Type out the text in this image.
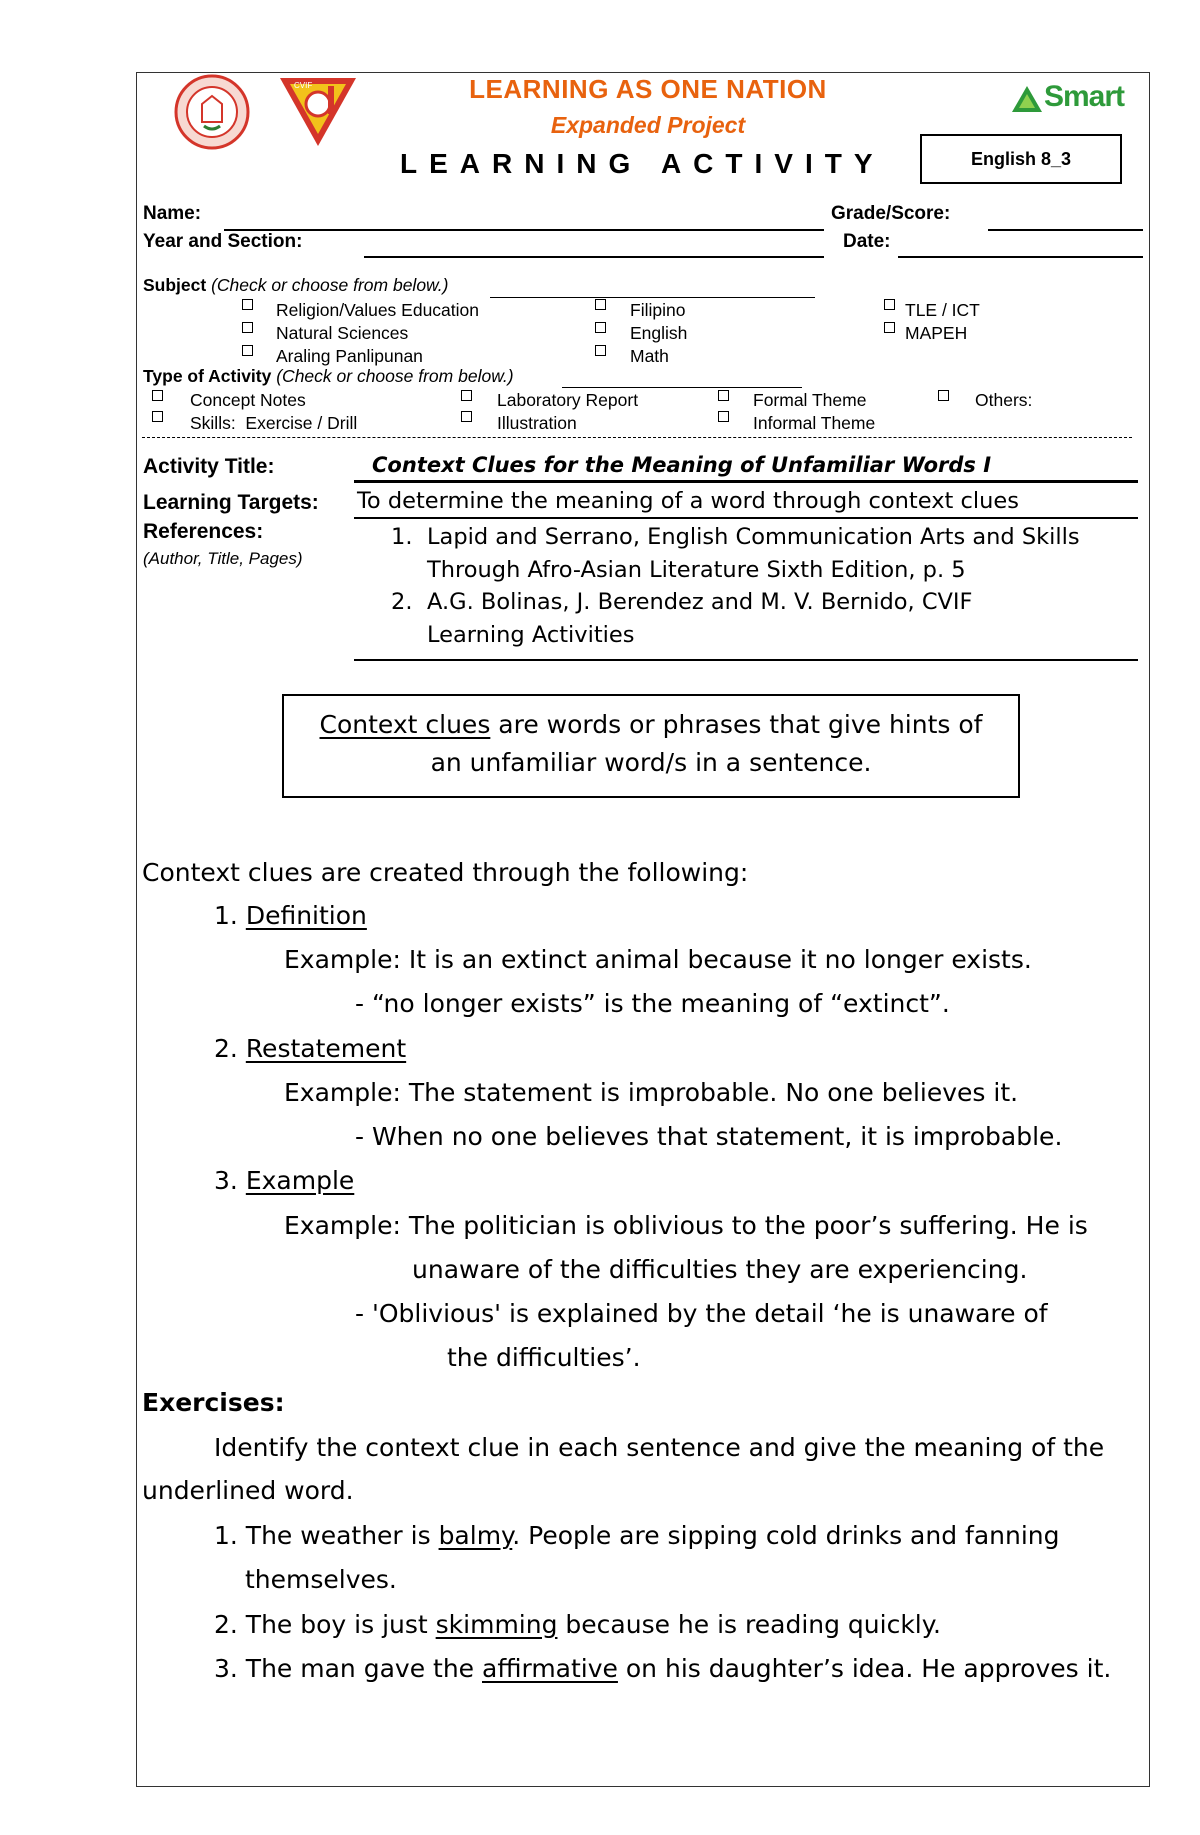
CVIF	LEARNING AS ONE NATION
Expanded Project
LEARNING ACTIVITY
Smart
English 8_3
Name:	Grade/Score:
Year and Section:	Date:
Subject (Check or choose from below.)
Religion/Values Education
Natural Sciences
Araling Panlipunan
Filipino
English
Math
TLE / ICT
MAPEH
Type of Activity (Check or choose from below.)
Concept Notes
Skills:  Exercise / Drill
Laboratory Report
Illustration
Formal Theme
Informal Theme
Others:
Activity Title:	Context Clues for the Meaning of Unfamiliar Words I
Learning Targets: To determine the meaning of a word through context clues
References:
(Author, Title, Pages)
1. Lapid and Serrano, English Communication Arts and Skills
Through Afro-Asian Literature Sixth Edition, p. 5
2. A.G. Bolinas, J. Berendez and M. V. Bernido, CVIF
Learning Activities
Context clues are words or phrases that give hints of
an unfamiliar word/s in a sentence.
Context clues are created through the following:
1. Definition
Example: It is an extinct animal because it no longer exists.
- “no longer exists” is the meaning of “extinct”.
2. Restatement
Example: The statement is improbable. No one believes it.
- When no one believes that statement, it is improbable.
3. Example
Example: The politician is oblivious to the poor’s suffering. He is
unaware of the difficulties they are experiencing.
- 'Oblivious' is explained by the detail ‘he is unaware of
the difficulties’.
Exercises:
Identify the context clue in each sentence and give the meaning of the
underlined word.
1. The weather is balmy. People are sipping cold drinks and fanning
themselves.
2. The boy is just skimming because he is reading quickly.
3. The man gave the affirmative on his daughter’s idea. He approves it.
